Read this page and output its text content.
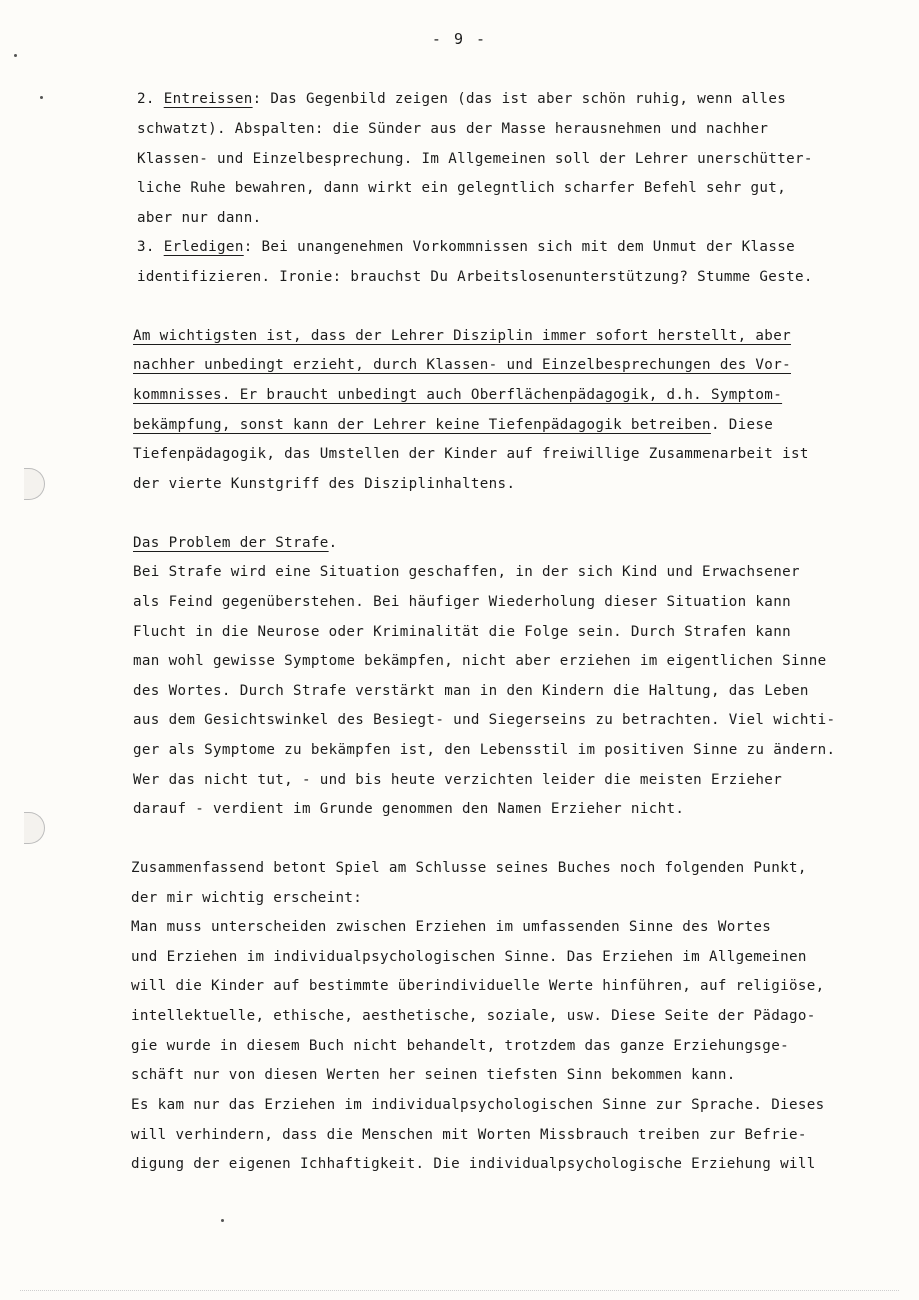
- 9 -
2. Entreissen: Das Gegenbild zeigen (das ist aber schön ruhig, wenn alles
schwatzt). Abspalten: die Sünder aus der Masse herausnehmen und nachher
Klassen- und Einzelbesprechung. Im Allgemeinen soll der Lehrer unerschütter-
liche Ruhe bewahren, dann wirkt ein gelegntlich scharfer Befehl sehr gut,
aber nur dann.
3. Erledigen: Bei unangenehmen Vorkommnissen sich mit dem Unmut der Klasse
identifizieren. Ironie: brauchst Du Arbeitslosenunterstützung? Stumme Geste.
Am wichtigsten ist, dass der Lehrer Disziplin immer sofort herstellt, aber
nachher unbedingt erzieht, durch Klassen- und Einzelbesprechungen des Vor-
kommnisses. Er braucht unbedingt auch Oberflächenpädagogik, d.h. Symptom-
bekämpfung, sonst kann der Lehrer keine Tiefenpädagogik betreiben. Diese
Tiefenpädagogik, das Umstellen der Kinder auf freiwillige Zusammenarbeit ist
der vierte Kunstgriff des Disziplinhaltens.
Das Problem der Strafe.
Bei Strafe wird eine Situation geschaffen, in der sich Kind und Erwachsener
als Feind gegenüberstehen. Bei häufiger Wiederholung dieser Situation kann
Flucht in die Neurose oder Kriminalität die Folge sein. Durch Strafen kann
man wohl gewisse Symptome bekämpfen, nicht aber erziehen im eigentlichen Sinne
des Wortes. Durch Strafe verstärkt man in den Kindern die Haltung, das Leben
aus dem Gesichtswinkel des Besiegt- und Siegerseins zu betrachten. Viel wichti-
ger als Symptome zu bekämpfen ist, den Lebensstil im positiven Sinne zu ändern.
Wer das nicht tut, - und bis heute verzichten leider die meisten Erzieher
darauf - verdient im Grunde genommen den Namen Erzieher nicht.
Zusammenfassend betont Spiel am Schlusse seines Buches noch folgenden Punkt,
der mir wichtig erscheint:
Man muss unterscheiden zwischen Erziehen im umfassenden Sinne des Wortes
und Erziehen im individualpsychologischen Sinne. Das Erziehen im Allgemeinen
will die Kinder auf bestimmte überindividuelle Werte hinführen, auf religiöse,
intellektuelle, ethische, aesthetische, soziale, usw. Diese Seite der Pädago-
gie wurde in diesem Buch nicht behandelt, trotzdem das ganze Erziehungsge-
schäft nur von diesen Werten her seinen tiefsten Sinn bekommen kann.
Es kam nur das Erziehen im individualpsychologischen Sinne zur Sprache. Dieses
will verhindern, dass die Menschen mit Worten Missbrauch treiben zur Befrie-
digung der eigenen Ichhaftigkeit. Die individualpsychologische Erziehung will
